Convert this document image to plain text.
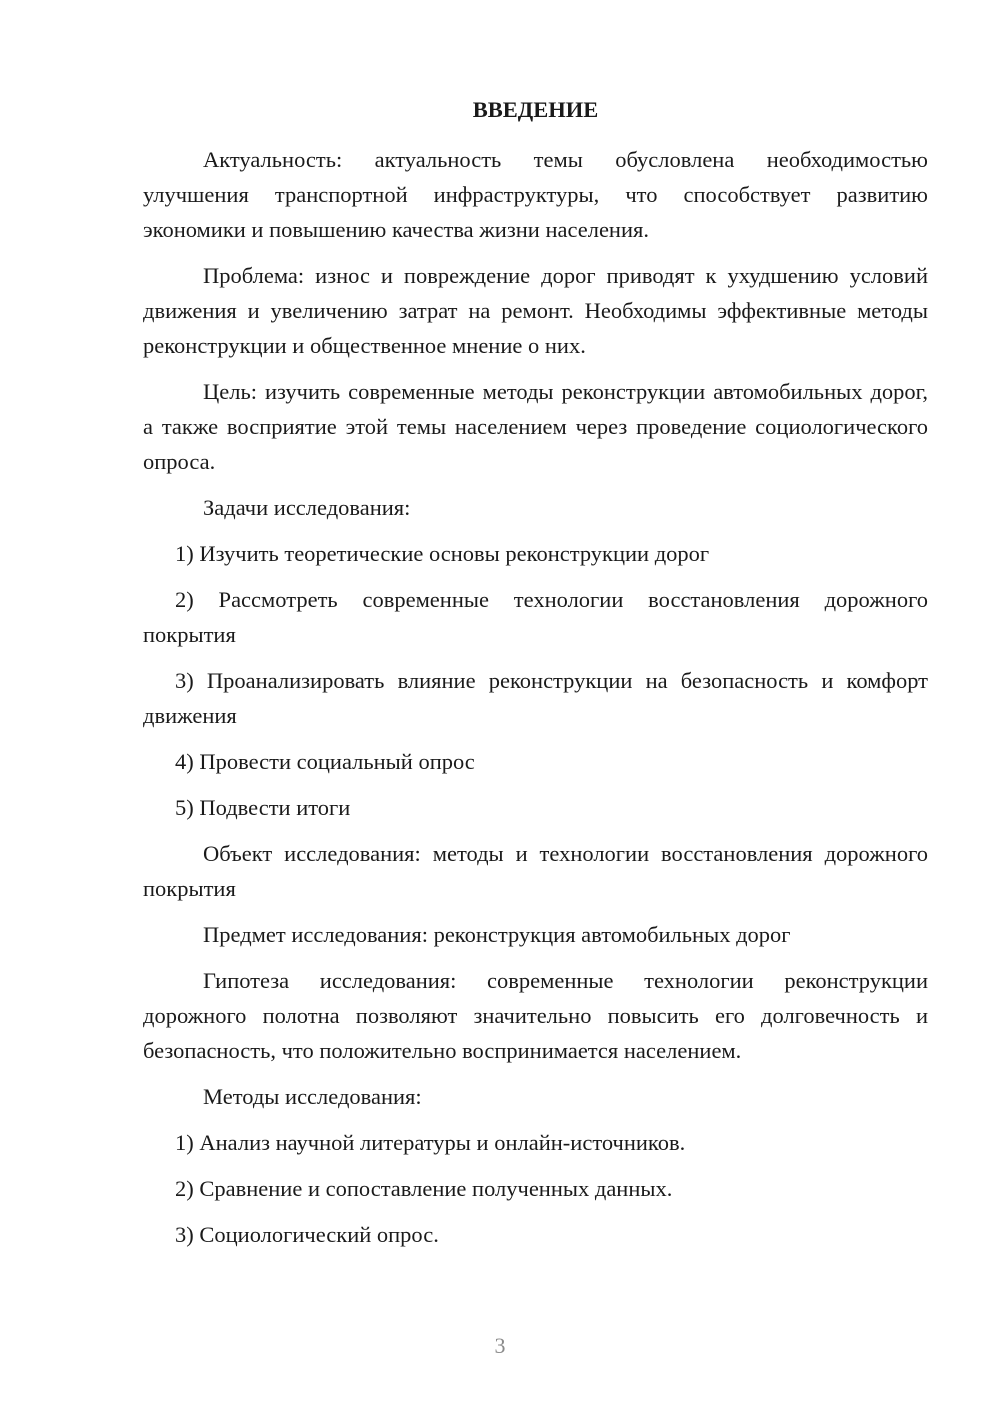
ВВЕДЕНИЕ

Актуальность: актуальность темы обусловлена необходимостью улучшения транспортной инфраструктуры, что способствует развитию экономики и повышению качества жизни населения.

Проблема: износ и повреждение дорог приводят к ухудшению условий движения и увеличению затрат на ремонт. Необходимы эффективные методы реконструкции и общественное мнение о них.

Цель: изучить современные методы реконструкции автомобильных дорог, а также восприятие этой темы населением через проведение социологического опроса.

Задачи исследования:

1) Изучить теоретические основы реконструкции дорог

2) Рассмотреть современные технологии восстановления дорожного покрытия

3) Проанализировать влияние реконструкции на безопасность и комфорт движения

4) Провести социальный опрос

5) Подвести итоги

Объект исследования: методы и технологии восстановления дорожного покрытия

Предмет исследования: реконструкция автомобильных дорог

Гипотеза исследования: современные технологии реконструкции дорожного полотна позволяют значительно повысить его долговечность и безопасность, что положительно воспринимается населением.

Методы исследования:

1) Анализ научной литературы и онлайн-источников.

2) Сравнение и сопоставление полученных данных.

3) Социологический опрос.

3
